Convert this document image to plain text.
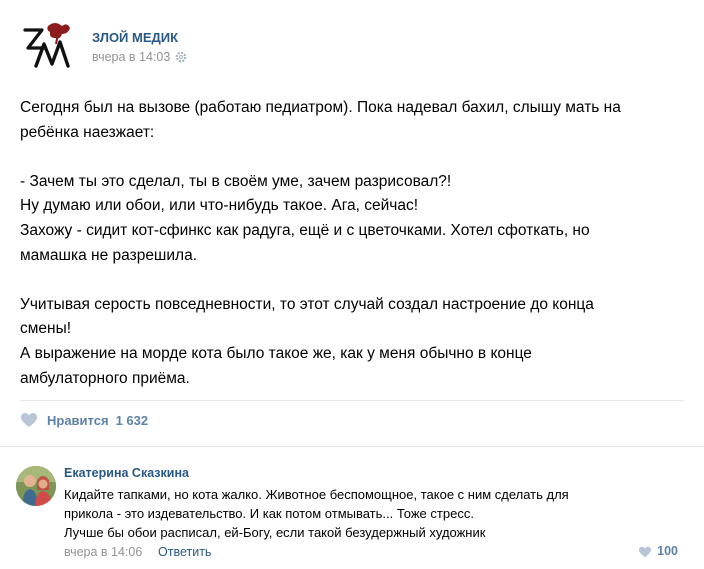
ЗЛОЙ МЕДИК
вчера в 14:03

Сегодня был на вызове (работаю педиатром). Пока надевал бахил, слышу мать на

ребёнка наезжает:

- Зачем ты это сделал, ты в своём уме, зачем разрисовал?!

Ну думаю или обои, или что-нибудь такое. Ага, сейчас!

Захожу - сидит кот-сфинкс как радуга, ещё и с цветочками. Хотел сфоткать, но

мамашка не разрешила.

Учитывая серость повседневности, то этот случай создал настроение до конца

смены!

А выражение на морде кота было такое же, как у меня обычно в конце

амбулаторного приёма.

Нравится 1 632
Екатерина Сказкина

Кидайте тапками, но кота жалко. Животное беспомощное, такое с ним сделать для

прикола - это издевательство. И как потом отмывать... Тоже стресс.

Лучше бы обои расписал, ей-Богу, если такой безудержный художник

вчера в 14:06 Ответить	100
